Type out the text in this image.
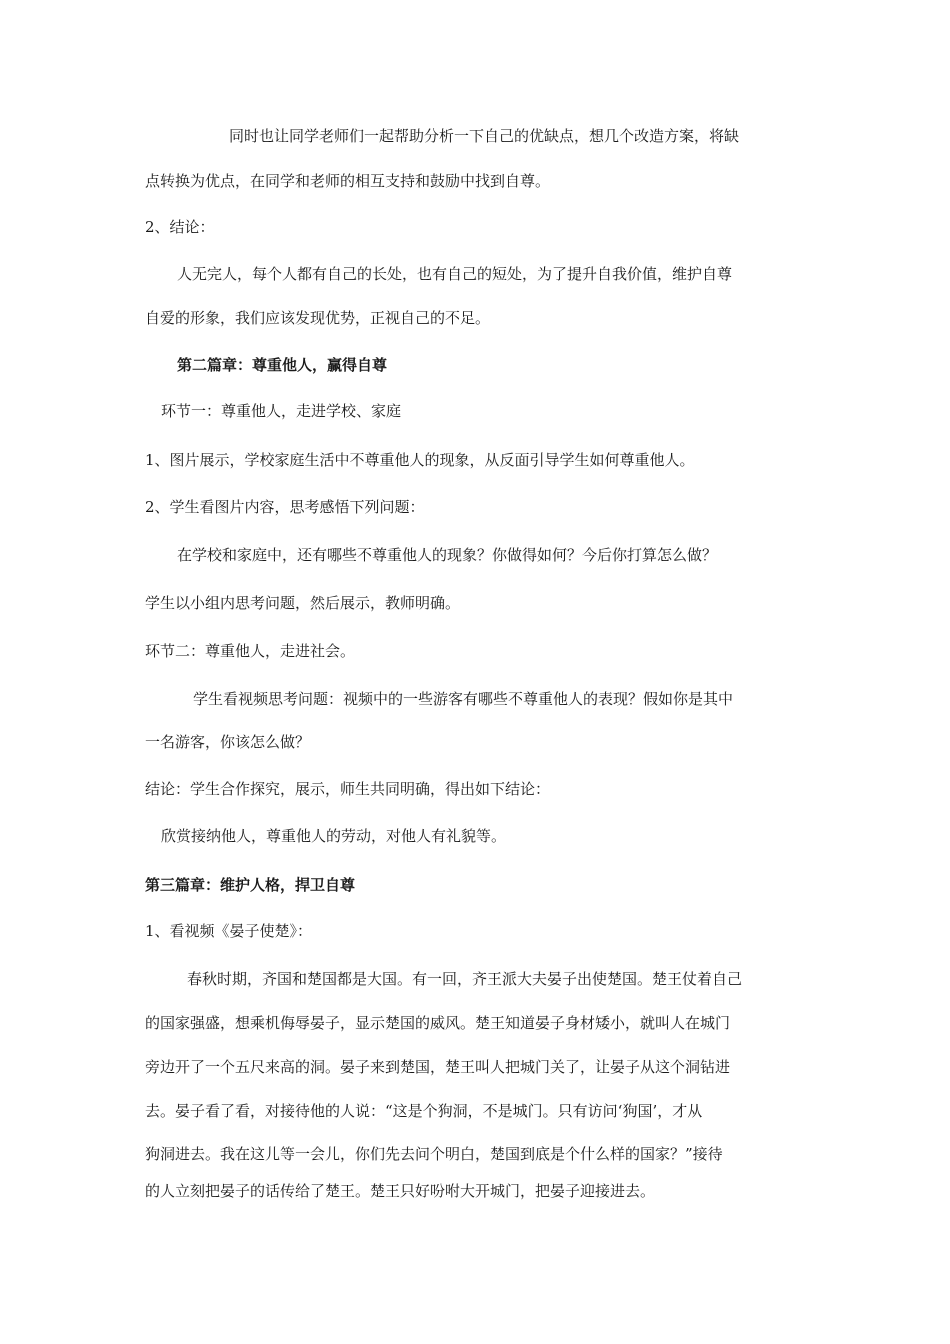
同时也让同学老师们一起帮助分析一下自己的优缺点，想几个改造方案，将缺
点转换为优点，在同学和老师的相互支持和鼓励中找到自尊。
2、结论：
人无完人，每个人都有自己的长处，也有自己的短处，为了提升自我价值，维护自尊
自爱的形象，我们应该发现优势，正视自己的不足。
第二篇章：尊重他人，赢得自尊
环节一：尊重他人，走进学校、家庭
1、图片展示，学校家庭生活中不尊重他人的现象，从反面引导学生如何尊重他人。
2、学生看图片内容，思考感悟下列问题：
在学校和家庭中，还有哪些不尊重他人的现象？你做得如何？今后你打算怎么做？
学生以小组内思考问题，然后展示，教师明确。
环节二：尊重他人，走进社会。
学生看视频思考问题：视频中的一些游客有哪些不尊重他人的表现？假如你是其中
一名游客，你该怎么做？
结论：学生合作探究，展示，师生共同明确，得出如下结论：
欣赏接纳他人，尊重他人的劳动，对他人有礼貌等。
第三篇章：维护人格，捍卫自尊
1、看视频《晏子使楚》：
春秋时期，齐国和楚国都是大国。有一回，齐王派大夫晏子出使楚国。楚王仗着自己
的国家强盛，想乘机侮辱晏子，显示楚国的威风。楚王知道晏子身材矮小，就叫人在城门
旁边开了一个五尺来高的洞。晏子来到楚国，楚王叫人把城门关了，让晏子从这个洞钻进
去。晏子看了看，对接待他的人说：“这是个狗洞，不是城门。只有访问‘狗国’，才从
狗洞进去。我在这儿等一会儿，你们先去问个明白，楚国到底是个什么样的国家？”接待
的人立刻把晏子的话传给了楚王。楚王只好吩咐大开城门，把晏子迎接进去。
